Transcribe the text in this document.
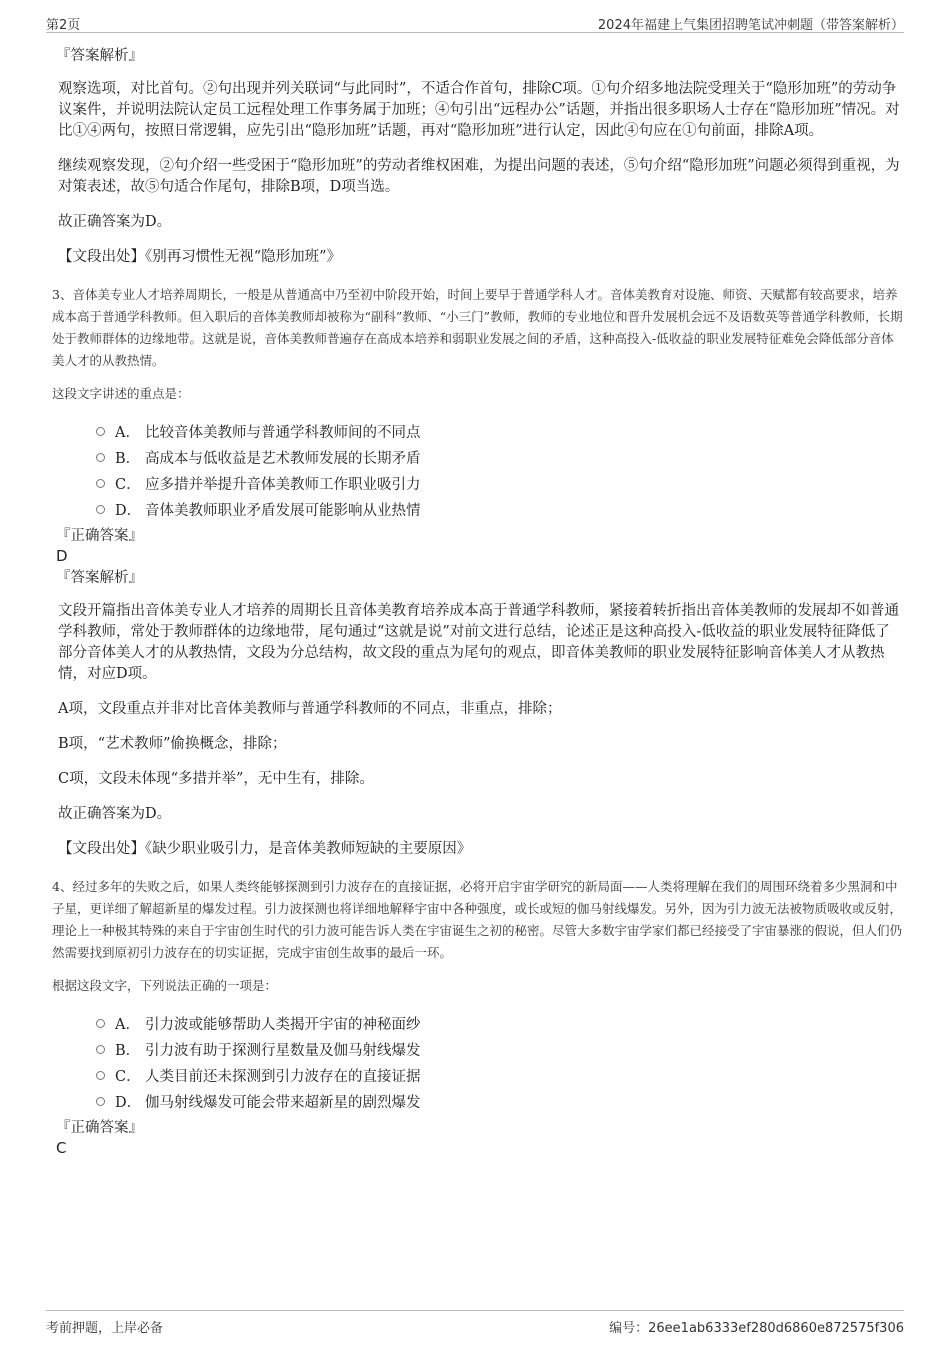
第2页	2024年福建上气集团招聘笔试冲刺题（带答案解析）

『答案解析』

观察选项，对比首句。②句出现并列关联词“与此同时”，不适合作首句，排除C项。①句介绍多地法院受理关于“隐形加班”的劳动争议案件，并说明法院认定员工远程处理工作事务属于加班；④句引出“远程办公”话题，并指出很多职场人士存在“隐形加班”情况。对比①④两句，按照日常逻辑，应先引出“隐形加班”话题，再对“隐形加班”进行认定，因此④句应在①句前面，排除A项。

继续观察发现，②句介绍一些受困于“隐形加班”的劳动者维权困难，为提出问题的表述，⑤句介绍“隐形加班”问题必须得到重视，为对策表述，故⑤句适合作尾句，排除B项，D项当选。

故正确答案为D。

【文段出处】《别再习惯性无视“隐形加班”》

3、音体美专业人才培养周期长，一般是从普通高中乃至初中阶段开始，时间上要早于普通学科人才。音体美教育对设施、师资、天赋都有较高要求，培养成本高于普通学科教师。但入职后的音体美教师却被称为“副科”教师、“小三门”教师，教师的专业地位和晋升发展机会远不及语数英等普通学科教师，长期处于教师群体的边缘地带。这就是说，音体美教师普遍存在高成本培养和弱职业发展之间的矛盾，这种高投入-低收益的职业发展特征难免会降低部分音体美人才的从教热情。

这段文字讲述的重点是：

A． 比较音体美教师与普通学科教师间的不同点
B． 高成本与低收益是艺术教师发展的长期矛盾
C． 应多措并举提升音体美教师工作职业吸引力
D． 音体美教师职业矛盾发展可能影响从业热情

『正确答案』

D

『答案解析』

文段开篇指出音体美专业人才培养的周期长且音体美教育培养成本高于普通学科教师，紧接着转折指出音体美教师的发展却不如普通学科教师，常处于教师群体的边缘地带，尾句通过“这就是说”对前文进行总结，论述正是这种高投入-低收益的职业发展特征降低了部分音体美人才的从教热情，文段为分总结构，故文段的重点为尾句的观点，即音体美教师的职业发展特征影响音体美人才从教热情，对应D项。

A项，文段重点并非对比音体美教师与普通学科教师的不同点，非重点，排除；

B项，“艺术教师”偷换概念，排除；

C项，文段未体现“多措并举”，无中生有，排除。

故正确答案为D。

【文段出处】《缺少职业吸引力，是音体美教师短缺的主要原因》

4、经过多年的失败之后，如果人类终能够探测到引力波存在的直接证据，必将开启宇宙学研究的新局面——人类将理解在我们的周围环绕着多少黑洞和中子星，更详细了解超新星的爆发过程。引力波探测也将详细地解释宇宙中各种强度，或长或短的伽马射线爆发。另外，因为引力波无法被物质吸收或反射，理论上一种极其特殊的来自于宇宙创生时代的引力波可能告诉人类在宇宙诞生之初的秘密。尽管大多数宇宙学家们都已经接受了宇宙暴涨的假说，但人们仍然需要找到原初引力波存在的切实证据，完成宇宙创生故事的最后一环。

根据这段文字，下列说法正确的一项是：

A． 引力波或能够帮助人类揭开宇宙的神秘面纱
B． 引力波有助于探测行星数量及伽马射线爆发
C． 人类目前还未探测到引力波存在的直接证据
D． 伽马射线爆发可能会带来超新星的剧烈爆发

『正确答案』

C

考前押题，上岸必备	编号：26ee1ab6333ef280d6860e872575f306
